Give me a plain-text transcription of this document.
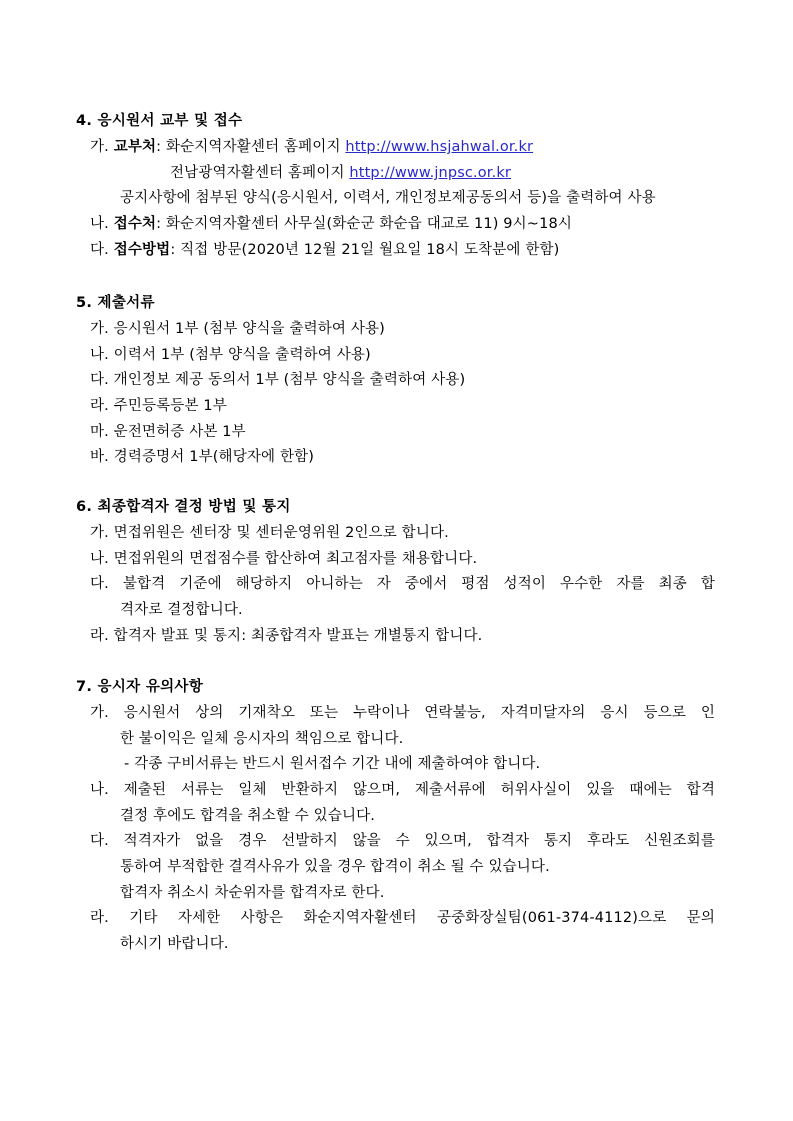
4. 응시원서 교부 및 접수
가. 교부처: 화순지역자활센터 홈페이지 http://www.hsjahwal.or.kr
전남광역자활센터 홈페이지 http://www.jnpsc.or.kr
공지사항에 첨부된 양식(응시원서, 이력서, 개인정보제공동의서 등)을 출력하여 사용
나. 접수처: 화순지역자활센터 사무실(화순군 화순읍 대교로 11) 9시~18시
다. 접수방법: 직접 방문(2020년 12월 21일 월요일 18시 도착분에 한함)
5. 제출서류
가. 응시원서 1부 (첨부 양식을 출력하여 사용)
나. 이력서 1부 (첨부 양식을 출력하여 사용)
다. 개인정보 제공 동의서 1부 (첨부 양식을 출력하여 사용)
라. 주민등록등본 1부
마. 운전면허증 사본 1부
바. 경력증명서 1부(해당자에 한함)
6. 최종합격자 결정 방법 및 통지
가. 면접위원은 센터장 및 센터운영위원 2인으로 합니다.
나. 면접위원의 면접점수를 합산하여 최고점자를 채용합니다.
다. 불합격 기준에 해당하지 아니하는 자 중에서 평점 성적이 우수한 자를 최종 합
격자로 결정합니다.
라. 합격자 발표 및 통지: 최종합격자 발표는 개별통지 합니다.
7. 응시자 유의사항
가. 응시원서 상의 기재착오 또는 누락이나 연락불능, 자격미달자의 응시 등으로 인
한 불이익은 일체 응시자의 책임으로 합니다.
- 각종 구비서류는 반드시 원서접수 기간 내에 제출하여야 합니다.
나. 제출된 서류는 일체 반환하지 않으며, 제출서류에 허위사실이 있을 때에는 합격
결정 후에도 합격을 취소할 수 있습니다.
다. 적격자가 없을 경우 선발하지 않을 수 있으며, 합격자 통지 후라도 신원조회를
통하여 부적합한 결격사유가 있을 경우 합격이 취소 될 수 있습니다.
합격자 취소시 차순위자를 합격자로 한다.
라. 기타 자세한 사항은 화순지역자활센터 공중화장실팀(061-374-4112)으로 문의
하시기 바랍니다.
